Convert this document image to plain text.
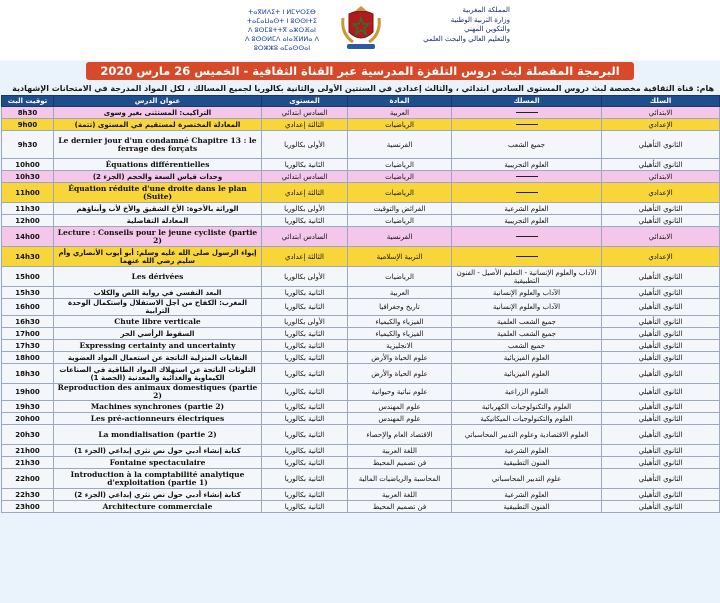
ⵜⴰⴳⵍⴷⵉⵜ ⵏ ⵍⵎⵖⵔⵉⴱ
ⵜⴰⵎⴰⵡⴰⵙⵜ ⵏ ⵓⵙⵙⵏⵜⵉ
ⴷ ⵓⵙⵎⵓⵜⵜⴳ ⴰⵣⵔⴼⴰⵏ
ⴷ ⵓⵙⵙⵍⵎⴷ ⴰⵏⴰⴼⵍⵍⴰ ⴷ ⵓⵔⵣⵣⵓ ⴰⵎⴰⵙⵙⴰⵏ
المملكة المغربية
وزارة التربية الوطنية
والتكوين المهني
والتعليم العالي والبحث العلمي
البرمجة المفصلة لبث دروس التلفزة المدرسية عبر القناة الثقافية - الخميس 26 مارس 2020
هام: قناة الثقافية مخصصة لبث دروس المستوى السادس ابتدائي ، والثالث إعدادي في السنتين الأولى والثانية بكالوريا لجميع المسالك ، لكل المواد المدرجة في الامتحانات الإشهادية
السلك	المسلك	المادة	المستوى	عنوان الدرس	توقيت البث
الابتدائي		العربية	السادس ابتدائي	التراكيب: المستثنى بغير وسوى	8h30
الإعدادي		الرياضيات	الثالثة إعدادي	المعادلة المختصرة لمستقيم في المستوى (تتمة)	9h00
الثانوي التأهيلي	جميع الشعب	الفرنسية	الأولى بكالوريا	Le dernier jour d'un condamné Chapitre 13 : le ferrage des forçats	9h30
الثانوي التأهيلي	العلوم التجريبية	الرياضيات	الثانية بكالوريا	Équations différentielles	10h00
الابتدائي		الرياضيات	السادس ابتدائي	وحدات قياس السعة والحجم (الجزء 2)	10h30
الإعدادي		الرياضيات	الثالثة إعدادي	Équation réduite d'une droite dans le plan (Suite)	11h00
الثانوي التأهيلي	العلوم الشرعية	الفرائض والتوقيت	الأولى بكالوريا	الوراثة بالأخوة: الأخ الشقيق والأخ لأب وأبناؤهم	11h30
الثانوي التأهيلي	العلوم التجريبية	الرياضيات	الثانية بكالوريا	المعادلة التفاضلية	12h00
الابتدائي		الفرنسية	السادس ابتدائي	Lecture : Conseils pour le jeune cycliste (partie 2)	14h00
الإعدادي		التربية الإسلامية	الثالثة إعدادي	إيواء الرسول صلى الله عليه وسلم: أبو أيوب الأنصاري وأم سليم رضي الله عنهما	14h30
الثانوي التأهيلي	الآداب والعلوم الإنسانية - التعليم الأصيل - الفنون التطبيقية	الرياضيات	الأولى بكالوريا	Les dérivées	15h00
الثانوي التأهيلي	الآداب والعلوم الإنسانية	العربية	الثانية بكالوريا	البعد النفسي في رواية اللص والكلاب	15h30
الثانوي التأهيلي	الآداب والعلوم الإنسانية	تاريخ وجغرافيا	الثانية بكالوريا	المغرب: الكفاح من أجل الاستقلال واستكمال الوحدة الترابية	16h00
الثانوي التأهيلي	جميع الشعب العلمية	الفيزياء والكيمياء	الأولى بكالوريا	Chute libre verticale	16h30
الثانوي التأهيلي	جميع الشعب العلمية	الفيزياء والكيمياء	الثانية بكالوريا	السقوط الرأسي الحر	17h00
الثانوي التأهيلي	جميع الشعب	الانجليزية	الثانية بكالوريا	Expressing certainty and uncertainty	17h30
الثانوي التأهيلي	العلوم الفيزيائية	علوم الحياة والأرض	الثانية بكالوريا	النفايات المنزلية الناتجة عن استعمال المواد العضوية	18h00
الثانوي التأهيلي	العلوم الفيزيائية	علوم الحياة والأرض	الثانية بكالوريا	التلوثات الناتجة عن استهلاك المواد الطاقية في الصناعات الكيماوية والغذائية والمعدنية (الحصة 1)	18h30
الثانوي التأهيلي	العلوم الزراعية	علوم نباتية وحيوانية	الثانية بكالوريا	Reproduction des animaux domestiques (partie 2)	19h00
الثانوي التأهيلي	العلوم والتكنولوجيات الكهربائية	علوم المهندس	الثانية بكالوريا	Machines synchrones (partie 2)	19h30
الثانوي التأهيلي	العلوم والتكنولوجيات الميكانيكية	علوم المهندس	الثانية بكالوريا	Les pré-actionneurs électriques	20h00
الثانوي التأهيلي	العلوم الاقتصادية وعلوم التدبير المحاسباتي	الاقتصاد العام والإحصاء	الثانية بكالوريا	La mondialisation (partie 2)	20h30
الثانوي التأهيلي	العلوم الشرعية	اللغة العربية	الثانية بكالوريا	كتابة إنشاء أدبي حول نص نثري إبداعي (الجزء 1)	21h00
الثانوي التأهيلي	الفنون التطبيقية	فن تصميم المحيط	الثانية بكالوريا	Fontaine spectaculaire	21h30
الثانوي التأهيلي	علوم التدبير المحاسباتي	المحاسبة والرياضيات المالية	الثانية بكالوريا	Introduction à la comptabilité analytique d'exploitation (partie 1)	22h00
الثانوي التأهيلي	العلوم الشرعية	اللغة العربية	الثانية بكالوريا	كتابة إنشاء أدبي حول نص نثري إبداعي (الجزء 2)	22h30
الثانوي التأهيلي	الفنون التطبيقية	فن تصميم المحيط	الثانية بكالوريا	Architecture commerciale	23h00
